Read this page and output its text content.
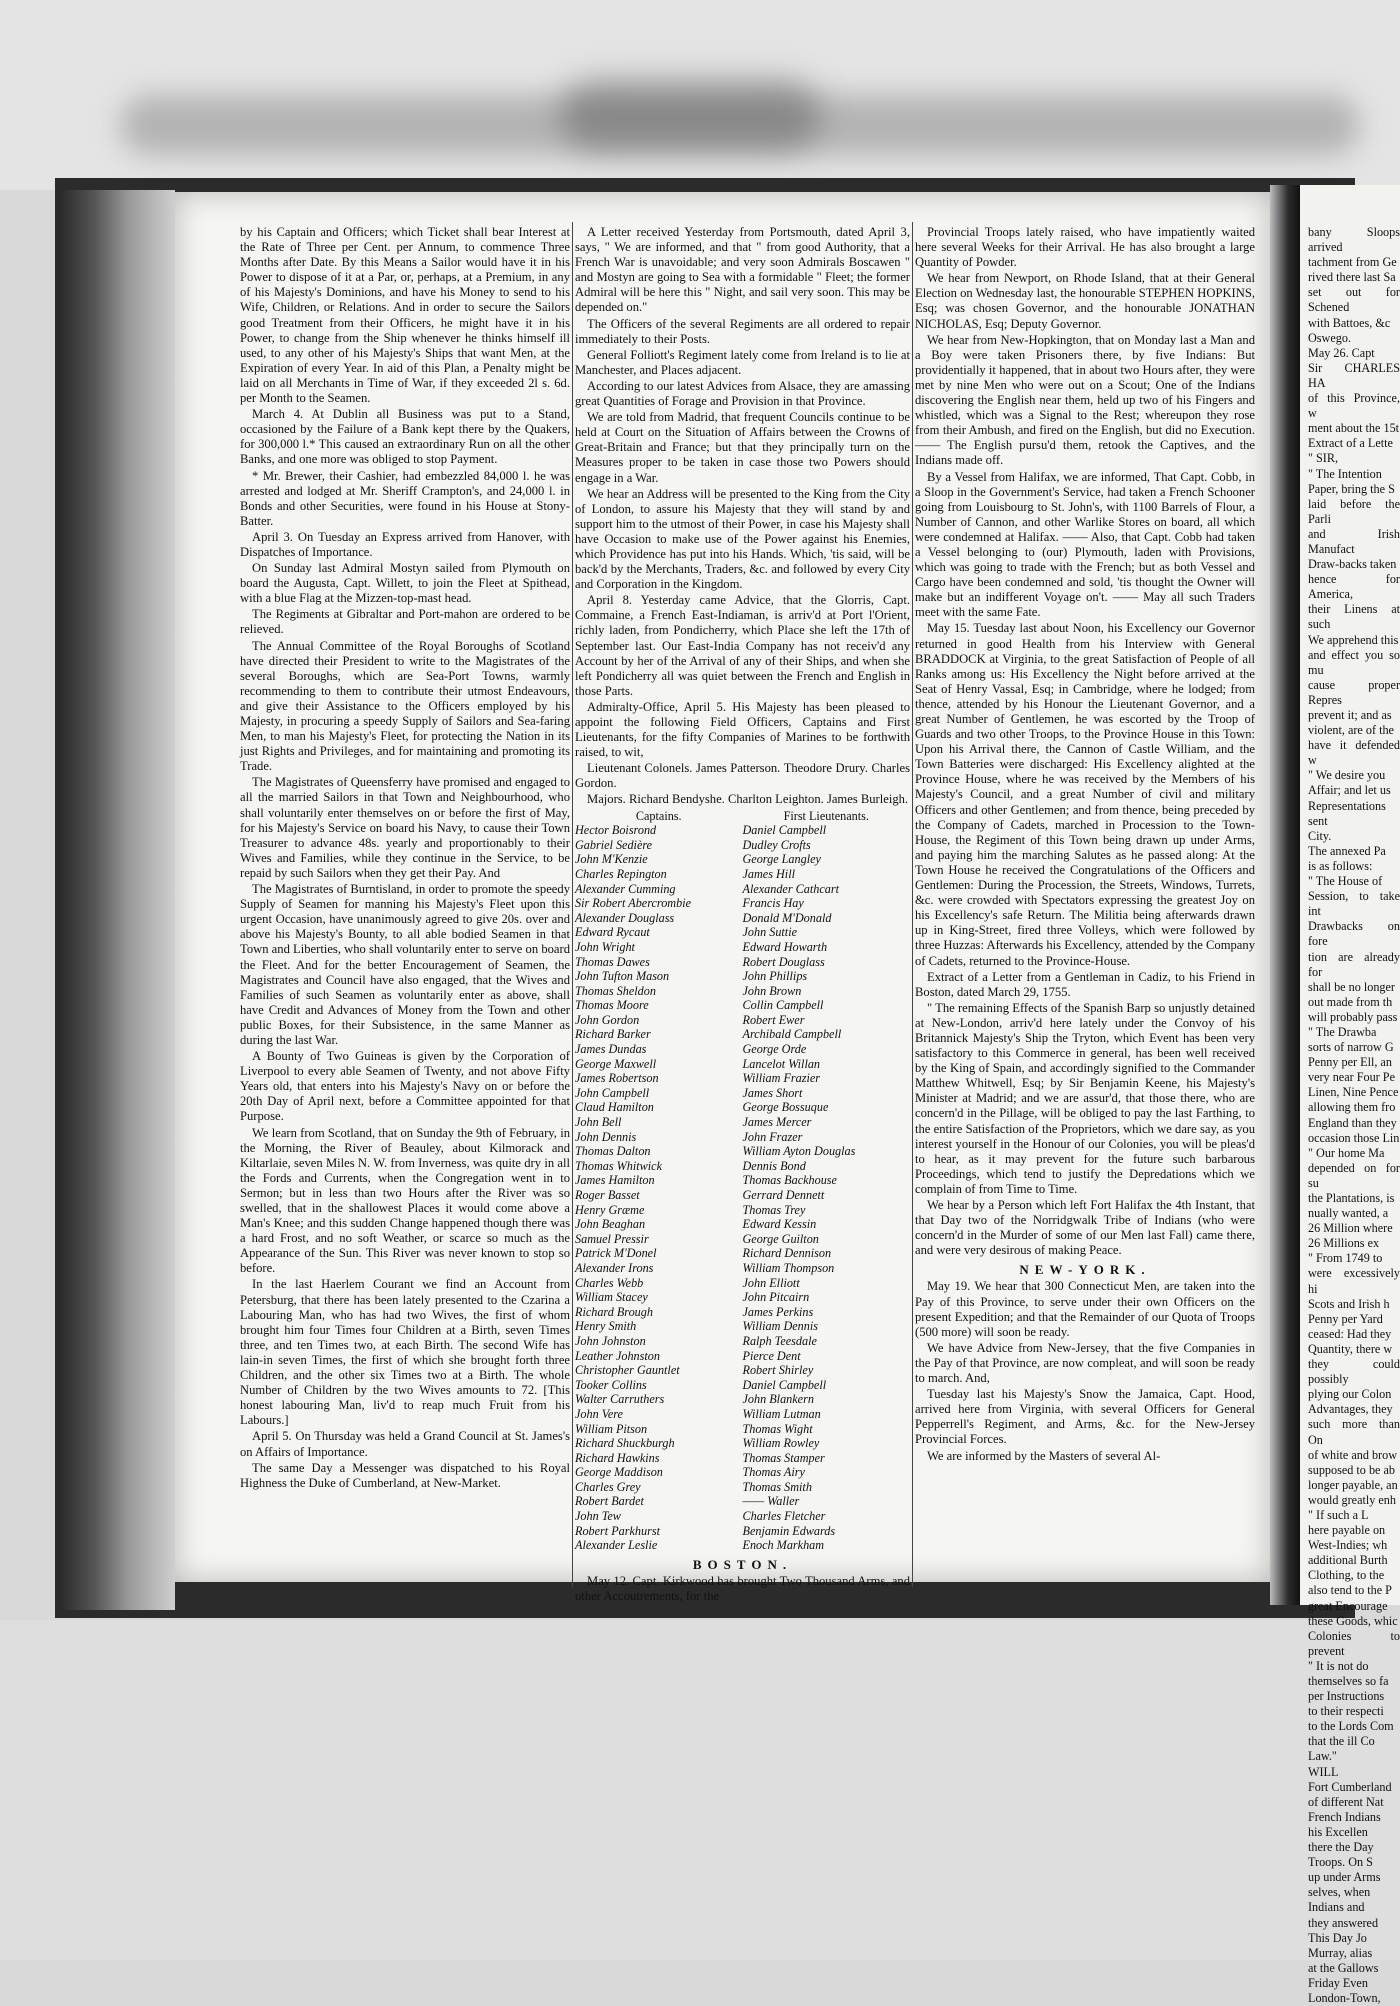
by his Captain and Officers; which Ticket shall bear Interest at the Rate of Three per Cent. per Annum, to commence Three Months after Date. By this Means a Sailor would have it in his Power to dispose of it at a Par, or, perhaps, at a Premium, in any of his Majesty's Dominions, and have his Money to send to his Wife, Children, or Relations. And in order to secure the Sailors good Treatment from their Officers, he might have it in his Power, to change from the Ship whenever he thinks himself ill used, to any other of his Majesty's Ships that want Men, at the Expiration of every Year. In aid of this Plan, a Penalty might be laid on all Merchants in Time of War, if they exceeded 2l s. 6d. per Month to the Seamen.

March 4. At Dublin all Business was put to a Stand, occasioned by the Failure of a Bank kept there by the Quakers, for 300,000 l.* This caused an extraordinary Run on all the other Banks, and one more was obliged to stop Payment.

* Mr. Brewer, their Cashier, had embezzled 84,000 l. he was arrested and lodged at Mr. Sheriff Crampton's, and 24,000 l. in Bonds and other Securities, were found in his House at Stony-Batter.

April 3. On Tuesday an Express arrived from Hanover, with Dispatches of Importance.

On Sunday last Admiral Mostyn sailed from Plymouth on board the Augusta, Capt. Willett, to join the Fleet at Spithead, with a blue Flag at the Mizzen-top-mast head.

The Regiments at Gibraltar and Port-mahon are ordered to be relieved.

The Annual Committee of the Royal Boroughs of Scotland have directed their President to write to the Magistrates of the several Boroughs, which are Sea-Port Towns, warmly recommending to them to contribute their utmost Endeavours, and give their Assistance to the Officers employed by his Majesty, in procuring a speedy Supply of Sailors and Sea-faring Men, to man his Majesty's Fleet, for protecting the Nation in its just Rights and Privileges, and for maintaining and promoting its Trade.

The Magistrates of Queensferry have promised and engaged to all the married Sailors in that Town and Neighbourhood, who shall voluntarily enter themselves on or before the first of May, for his Majesty's Service on board his Navy, to cause their Town Treasurer to advance 48s. yearly and proportionably to their Wives and Families, while they continue in the Service, to be repaid by such Sailors when they get their Pay. And

The Magistrates of Burntisland, in order to promote the speedy Supply of Seamen for manning his Majesty's Fleet upon this urgent Occasion, have unanimously agreed to give 20s. over and above his Majesty's Bounty, to all able bodied Seamen in that Town and Liberties, who shall voluntarily enter to serve on board the Fleet. And for the better Encouragement of Seamen, the Magistrates and Council have also engaged, that the Wives and Families of such Seamen as voluntarily enter as above, shall have Credit and Advances of Money from the Town and other public Boxes, for their Subsistence, in the same Manner as during the last War.

A Bounty of Two Guineas is given by the Corporation of Liverpool to every able Seamen of Twenty, and not above Fifty Years old, that enters into his Majesty's Navy on or before the 20th Day of April next, before a Committee appointed for that Purpose.

We learn from Scotland, that on Sunday the 9th of February, in the Morning, the River of Beauley, about Kilmorack and Kiltarlaie, seven Miles N. W. from Inverness, was quite dry in all the Fords and Currents, when the Congregation went in to Sermon; but in less than two Hours after the River was so swelled, that in the shallowest Places it would come above a Man's Knee; and this sudden Change happened though there was a hard Frost, and no soft Weather, or scarce so much as the Appearance of the Sun. This River was never known to stop so before.

In the last Haerlem Courant we find an Account from Petersburg, that there has been lately presented to the Czarina a Labouring Man, who has had two Wives, the first of whom brought him four Times four Children at a Birth, seven Times three, and ten Times two, at each Birth. The second Wife has lain-in seven Times, the first of which she brought forth three Children, and the other six Times two at a Birth. The whole Number of Children by the two Wives amounts to 72. [This honest labouring Man, liv'd to reap much Fruit from his Labours.]

April 5. On Thursday was held a Grand Council at St. James's on Affairs of Importance.

The same Day a Messenger was dispatched to his Royal Highness the Duke of Cumberland, at New-Market.

A Letter received Yesterday from Portsmouth, dated April 3, says, " We are informed, and that " from good Authority, that a French War is unavoidable; and very soon Admirals Boscawen " and Mostyn are going to Sea with a formidable " Fleet; the former Admiral will be here this " Night, and sail very soon. This may be depended on."

The Officers of the several Regiments are all ordered to repair immediately to their Posts.

General Folliott's Regiment lately come from Ireland is to lie at Manchester, and Places adjacent.

According to our latest Advices from Alsace, they are amassing great Quantities of Forage and Provision in that Province.

We are told from Madrid, that frequent Councils continue to be held at Court on the Situation of Affairs between the Crowns of Great-Britain and France; but that they principally turn on the Measures proper to be taken in case those two Powers should engage in a War.

We hear an Address will be presented to the King from the City of London, to assure his Majesty that they will stand by and support him to the utmost of their Power, in case his Majesty shall have Occasion to make use of the Power against his Enemies, which Providence has put into his Hands. Which, 'tis said, will be back'd by the Merchants, Traders, &c. and followed by every City and Corporation in the Kingdom.

April 8. Yesterday came Advice, that the Glorris, Capt. Commaine, a French East-Indiaman, is arriv'd at Port l'Orient, richly laden, from Pondicherry, which Place she left the 17th of September last. Our East-India Company has not receiv'd any Account by her of the Arrival of any of their Ships, and when she left Pondicherry all was quiet between the French and English in those Parts.

Admiralty-Office, April 5. His Majesty has been pleased to appoint the following Field Officers, Captains and First Lieutenants, for the fifty Companies of Marines to be forthwith raised, to wit,

Lieutenant Colonels. James Patterson. Theodore Drury. Charles Gordon.

Majors. Richard Bendyshe. Charlton Leighton. James Burleigh.

Captains.
Hector Boisrond
Gabriel Sedière
John M'Kenzie
Charles Repington
Alexander Cumming
Sir Robert Abercrombie
Alexander Douglass
Edward Rycaut
John Wright
Thomas Dawes
John Tufton Mason
Thomas Sheldon
Thomas Moore
John Gordon
Richard Barker
James Dundas
George Maxwell
James Robertson
John Campbell
Claud Hamilton
John Bell
John Dennis
Thomas Dalton
Thomas Whitwick
James Hamilton
Roger Basset
Henry Græme
John Beaghan
Samuel Pressir
Patrick M'Donel
Alexander Irons
Charles Webb
William Stacey
Richard Brough
Henry Smith
John Johnston
Leather Johnston
Christopher Gauntlet
Tooker Collins
Walter Carruthers
John Vere
William Pitson
Richard Shuckburgh
Richard Hawkins
George Maddison
Charles Grey
Robert Bardet
John Tew
Robert Parkhurst
Alexander Leslie
First Lieutenants.
Daniel Campbell
Dudley Crofts
George Langley
James Hill
Alexander Cathcart
Francis Hay
Donald M'Donald
John Suttie
Edward Howarth
Robert Douglass
John Phillips
John Brown
Collin Campbell
Robert Ewer
Archibald Campbell
George Orde
Lancelot Willan
William Frazier
James Short
George Bossuque
James Mercer
John Frazer
William Ayton Douglas
Dennis Bond
Thomas Backhouse
Gerrard Dennett
Thomas Trey
Edward Kessin
George Guilton
Richard Dennison
William Thompson
John Elliott
John Pitcairn
James Perkins
William Dennis
Ralph Teesdale
Pierce Dent
Robert Shirley
Daniel Campbell
John Blankern
William Lutman
Thomas Wight
William Rowley
Thomas Stamper
Thomas Airy
Thomas Smith
—— Waller
Charles Fletcher
Benjamin Edwards
Enoch Markham
BOSTON.

May 12. Capt. Kirkwood has brought Two Thousand Arms, and other Accoutrements, for the

Provincial Troops lately raised, who have impatiently waited here several Weeks for their Arrival. He has also brought a large Quantity of Powder.

We hear from Newport, on Rhode Island, that at their General Election on Wednesday last, the honourable STEPHEN HOPKINS, Esq; was chosen Governor, and the honourable JONATHAN NICHOLAS, Esq; Deputy Governor.

We hear from New-Hopkington, that on Monday last a Man and a Boy were taken Prisoners there, by five Indians: But providentially it happened, that in about two Hours after, they were met by nine Men who were out on a Scout; One of the Indians discovering the English near them, held up two of his Fingers and whistled, which was a Signal to the Rest; whereupon they rose from their Ambush, and fired on the English, but did no Execution. —— The English pursu'd them, retook the Captives, and the Indians made off.

By a Vessel from Halifax, we are informed, That Capt. Cobb, in a Sloop in the Government's Service, had taken a French Schooner going from Louisbourg to St. John's, with 1100 Barrels of Flour, a Number of Cannon, and other Warlike Stores on board, all which were condemned at Halifax. —— Also, that Capt. Cobb had taken a Vessel belonging to (our) Plymouth, laden with Provisions, which was going to trade with the French; but as both Vessel and Cargo have been condemned and sold, 'tis thought the Owner will make but an indifferent Voyage on't. —— May all such Traders meet with the same Fate.

May 15. Tuesday last about Noon, his Excellency our Governor returned in good Health from his Interview with General BRADDOCK at Virginia, to the great Satisfaction of People of all Ranks among us: His Excellency the Night before arrived at the Seat of Henry Vassal, Esq; in Cambridge, where he lodged; from thence, attended by his Honour the Lieutenant Governor, and a great Number of Gentlemen, he was escorted by the Troop of Guards and two other Troops, to the Province House in this Town: Upon his Arrival there, the Cannon of Castle William, and the Town Batteries were discharged: His Excellency alighted at the Province House, where he was received by the Members of his Majesty's Council, and a great Number of civil and military Officers and other Gentlemen; and from thence, being preceded by the Company of Cadets, marched in Procession to the Town-House, the Regiment of this Town being drawn up under Arms, and paying him the marching Salutes as he passed along: At the Town House he received the Congratulations of the Officers and Gentlemen: During the Procession, the Streets, Windows, Turrets, &c. were crowded with Spectators expressing the greatest Joy on his Excellency's safe Return. The Militia being afterwards drawn up in King-Street, fired three Volleys, which were followed by three Huzzas: Afterwards his Excellency, attended by the Company of Cadets, returned to the Province-House.

Extract of a Letter from a Gentleman in Cadiz, to his Friend in Boston, dated March 29, 1755.

" The remaining Effects of the Spanish Barp so unjustly detained at New-London, arriv'd here lately under the Convoy of his Britannick Majesty's Ship the Tryton, which Event has been very satisfactory to this Commerce in general, has been well received by the King of Spain, and accordingly signified to the Commander Matthew Whitwell, Esq; by Sir Benjamin Keene, his Majesty's Minister at Madrid; and we are assur'd, that those there, who are concern'd in the Pillage, will be obliged to pay the last Farthing, to the entire Satisfaction of the Proprietors, which we dare say, as you interest yourself in the Honour of our Colonies, you will be pleas'd to hear, as it may prevent for the future such barbarous Proceedings, which tend to justify the Depredations which we complain of from Time to Time.

We hear by a Person which left Fort Halifax the 4th Instant, that that Day two of the Norridgwalk Tribe of Indians (who were concern'd in the Murder of some of our Men last Fall) came there, and were very desirous of making Peace.

NEW-YORK.

May 19. We hear that 300 Connecticut Men, are taken into the Pay of this Province, to serve under their own Officers on the present Expedition; and that the Remainder of our Quota of Troops (500 more) will soon be ready.

We have Advice from New-Jersey, that the five Companies in the Pay of that Province, are now compleat, and will soon be ready to march. And,

Tuesday last his Majesty's Snow the Jamaica, Capt. Hood, arrived here from Virginia, with several Officers for General Pepperrell's Regiment, and Arms, &c. for the New-Jersey Provincial Forces.

We are informed by the Masters of several Al-

bany Sloops arrived

tachment from Ge

rived there last Sa

set out for Schened

with Battoes, &c

Oswego.

May 26. Capt

Sir CHARLES HA

of this Province, w

ment about the 15t

Extract of a Lette

" SIR,

" The Intention

Paper, bring the S

laid before the Parli

and Irish Manufact

Draw-backs taken

hence for America,

their Linens at such

We apprehend this

and effect you so mu

cause proper Repres

prevent it; and as

violent, are of the

have it defended w

" We desire you

Affair; and let us

Representations sent

City.

The annexed Pa

is as follows:

" The House of

Session, to take int

Drawbacks on fore

tion are already for

shall be no longer

out made from th

will probably pass

" The Drawba

sorts of narrow G

Penny per Ell, an

very near Four Pe

Linen, Nine Pence

allowing them fro

England than they

occasion those Lin

" Our home Ma

depended on for su

the Plantations, is

nually wanted, a

26 Million where

26 Millions ex

" From 1749 to

were excessively hi

Scots and Irish h

Penny per Yard

ceased: Had they

Quantity, there w

they could possibly

plying our Colon

Advantages, they

such more than On

of white and brow

supposed to be ab

longer payable, an

would greatly enh

" If such a L

here payable on

West-Indies; wh

additional Burth

Clothing, to the

also tend to the P

great Encourage

these Goods, whic

Colonies to prevent

" It is not do

themselves so fa

per Instructions

to their respecti

to the Lords Com

that the ill Co

Law."

WILL

Fort Cumberland

of different Nat

French Indians

his Excellen

there the Day

Troops. On S

up under Arms

selves, when

Indians and

they answered

This Day Jo

Murray, alias

at the Gallows

Friday Even

London-Town,
